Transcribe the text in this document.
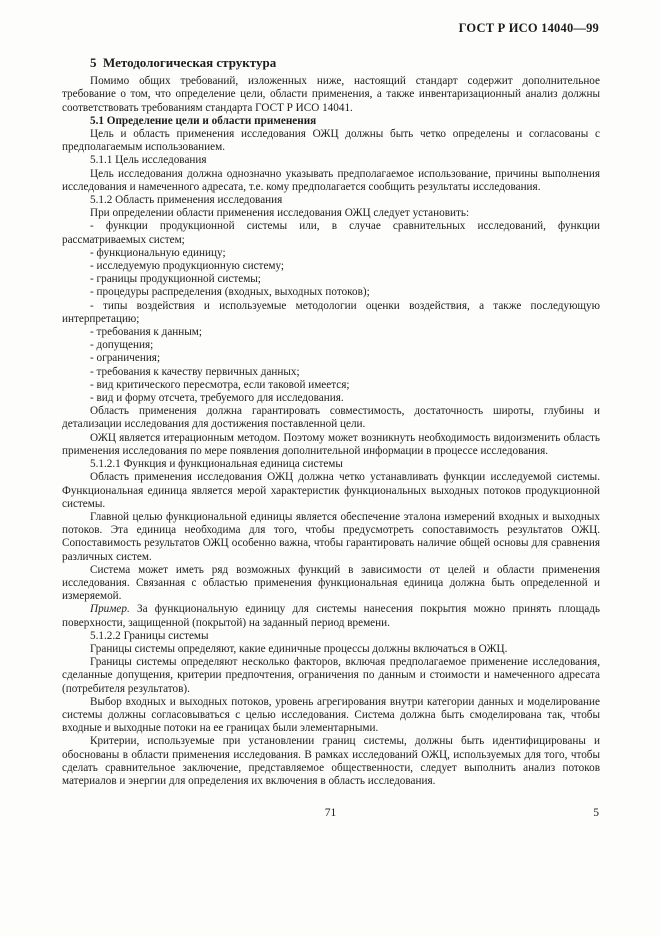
ГОСТ Р ИСО 14040—99

5 Методологическая структура

Помимо общих требований, изложенных ниже, настоящий стандарт содержит дополнительное требование о том, что определение цели, области применения, а также инвентаризационный анализ должны соответствовать требованиям стандарта ГОСТ Р ИСО 14041.

5.1 Определение цели и области применения

Цель и область применения исследования ОЖЦ должны быть четко определены и согласованы с предполагаемым использованием.

5.1.1 Цель исследования

Цель исследования должна однозначно указывать предполагаемое использование, причины выполнения исследования и намеченного адресата, т.е. кому предполагается сообщить результаты исследования.

5.1.2 Область применения исследования

При определении области применения исследования ОЖЦ следует установить:

- функции продукционной системы или, в случае сравнительных исследований, функции рассматриваемых систем;

- функциональную единицу;

- исследуемую продукционную систему;

- границы продукционной системы;

- процедуры распределения (входных, выходных потоков);

- типы воздействия и используемые методологии оценки воздействия, а также последующую интерпретацию;

- требования к данным;

- допущения;

- ограничения;

- требования к качеству первичных данных;

- вид критического пересмотра, если таковой имеется;

- вид и форму отсчета, требуемого для исследования.

Область применения должна гарантировать совместимость, достаточность широты, глубины и детализации исследования для достижения поставленной цели.

ОЖЦ является итерационным методом. Поэтому может возникнуть необходимость видоизменить область применения исследования по мере появления дополнительной информации в процессе исследования.

5.1.2.1 Функция и функциональная единица системы

Область применения исследования ОЖЦ должна четко устанавливать функции исследуемой системы. Функциональная единица является мерой характеристик функциональных выходных потоков продукционной системы.

Главной целью функциональной единицы является обеспечение эталона измерений входных и выходных потоков. Эта единица необходима для того, чтобы предусмотреть сопоставимость результатов ОЖЦ. Сопоставимость результатов ОЖЦ особенно важна, чтобы гарантировать наличие общей основы для сравнения различных систем.

Система может иметь ряд возможных функций в зависимости от целей и области применения исследования. Связанная с областью применения функциональная единица должна быть определенной и измеряемой.

Пример. За функциональную единицу для системы нанесения покрытия можно принять площадь поверхности, защищенной (покрытой) на заданный период времени.

5.1.2.2 Границы системы

Границы системы определяют, какие единичные процессы должны включаться в ОЖЦ.

Границы системы определяют несколько факторов, включая предполагаемое применение исследования, сделанные допущения, критерии предпочтения, ограничения по данным и стоимости и намеченного адресата (потребителя результатов).

Выбор входных и выходных потоков, уровень агрегирования внутри категории данных и моделирование системы должны согласовываться с целью исследования. Система должна быть смоделирована так, чтобы входные и выходные потоки на ее границах были элементарными.

Критерии, используемые при установлении границ системы, должны быть идентифицированы и обоснованы в области применения исследования. В рамках исследований ОЖЦ, используемых для того, чтобы сделать сравнительное заключение, представляемое общественности, следует выполнить анализ потоков материалов и энергии для определения их включения в область исследования.

71	5
